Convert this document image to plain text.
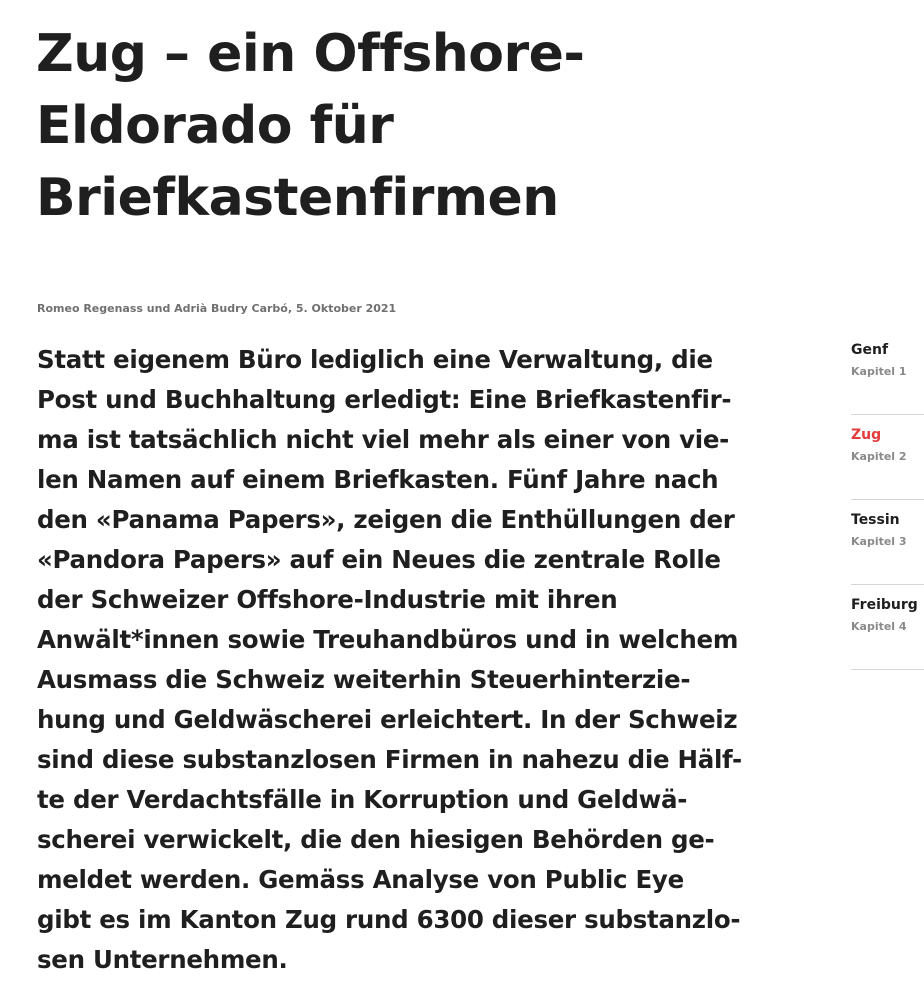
Zug – ein Offshore-
Eldorado für
Briefkastenfirmen
Romeo Regenass und Adrià Budry Carbó, 5. Oktober 2021

Statt eigenem Büro lediglich eine Verwaltung, die
Post und Buchhaltung erledigt: Eine Briefkastenfir-
ma ist tatsächlich nicht viel mehr als einer von vie-
len Namen auf einem Briefkasten. Fünf Jahre nach
den «Panama Papers», zeigen die Enthüllungen der
«Pandora Papers» auf ein Neues die zentrale Rolle
der Schweizer Offshore-Industrie mit ihren
Anwält*innen sowie Treuhandbüros und in welchem
Ausmass die Schweiz weiterhin Steuerhinterzie-
hung und Geldwäscherei erleichtert. In der Schweiz
sind diese substanzlosen Firmen in nahezu die Hälf-
te der Verdachtsfälle in Korruption und Geldwä-
scherei verwickelt, die den hiesigen Behörden ge-
meldet werden. Gemäss Analyse von Public Eye
gibt es im Kanton Zug rund 6300 dieser substanzlo-
sen Unternehmen.

Genf
Kapitel 1
Zug
Kapitel 2
Tessin
Kapitel 3
Freiburg
Kapitel 4
